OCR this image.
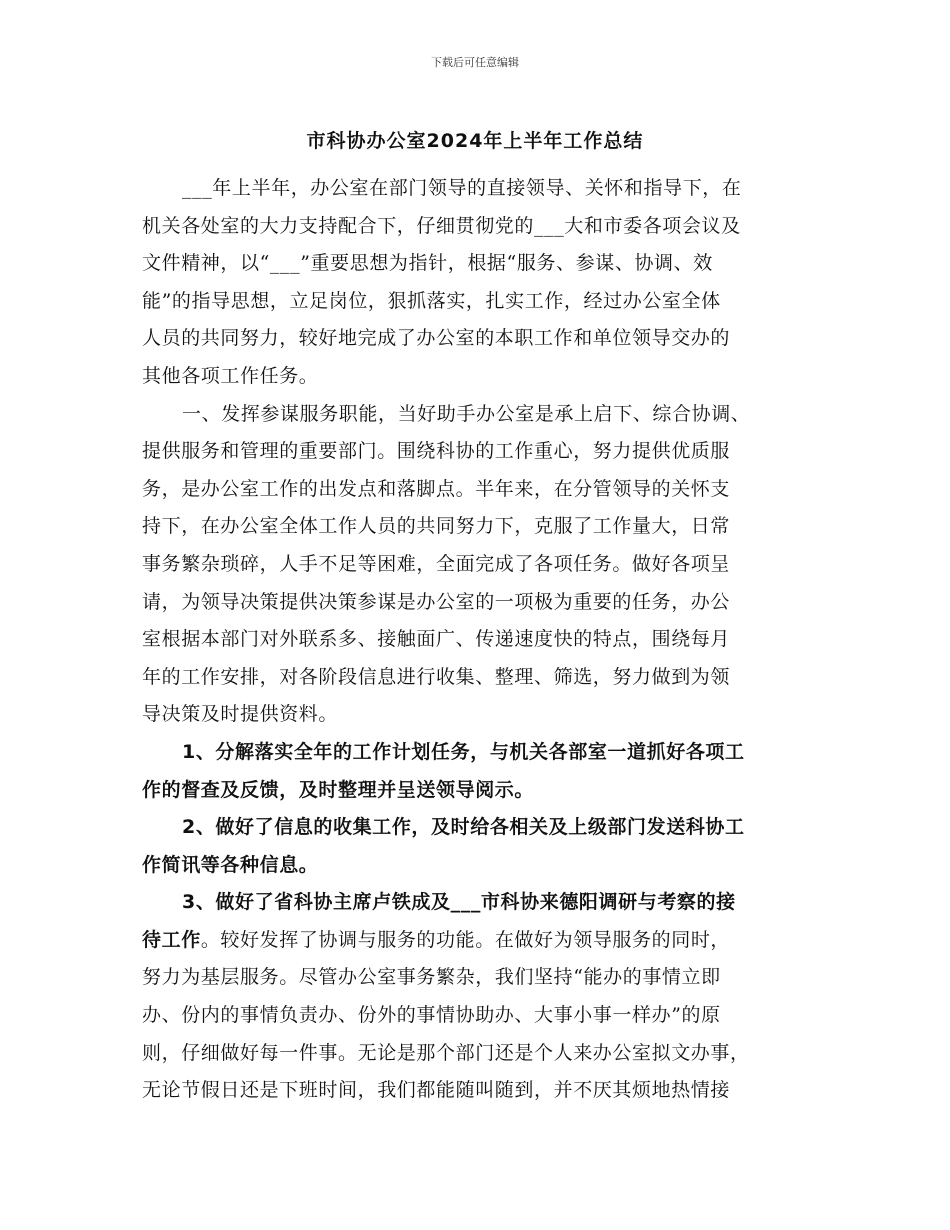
下载后可任意编辑
市科协办公室2024年上半年工作总结
___年上半年，办公室在部门领导的直接领导、关怀和指导下，在
机关各处室的大力支持配合下，仔细贯彻党的___大和市委各项会议及
文件精神，以“___”重要思想为指针，根据“服务、参谋、协调、效
能”的指导思想，立足岗位，狠抓落实，扎实工作，经过办公室全体
人员的共同努力，较好地完成了办公室的本职工作和单位领导交办的
其他各项工作任务。
一、发挥参谋服务职能，当好助手办公室是承上启下、综合协调、
提供服务和管理的重要部门。围绕科协的工作重心，努力提供优质服
务，是办公室工作的出发点和落脚点。半年来，在分管领导的关怀支
持下，在办公室全体工作人员的共同努力下，克服了工作量大，日常
事务繁杂琐碎，人手不足等困难，全面完成了各项任务。做好各项呈
请，为领导决策提供决策参谋是办公室的一项极为重要的任务，办公
室根据本部门对外联系多、接触面广、传递速度快的特点，围绕每月
年的工作安排，对各阶段信息进行收集、整理、筛选，努力做到为领
导决策及时提供资料。
1、分解落实全年的工作计划任务，与机关各部室一道抓好各项工
作的督查及反馈，及时整理并呈送领导阅示。
2、做好了信息的收集工作，及时给各相关及上级部门发送科协工
作简讯等各种信息。
3、做好了省科协主席卢铁成及___市科协来德阳调研与考察的接
待工作。较好发挥了协调与服务的功能。在做好为领导服务的同时，
努力为基层服务。尽管办公室事务繁杂，我们坚持“能办的事情立即
办、份内的事情负责办、份外的事情协助办、大事小事一样办”的原
则，仔细做好每一件事。无论是那个部门还是个人来办公室拟文办事，
无论节假日还是下班时间，我们都能随叫随到，并不厌其烦地热情接
